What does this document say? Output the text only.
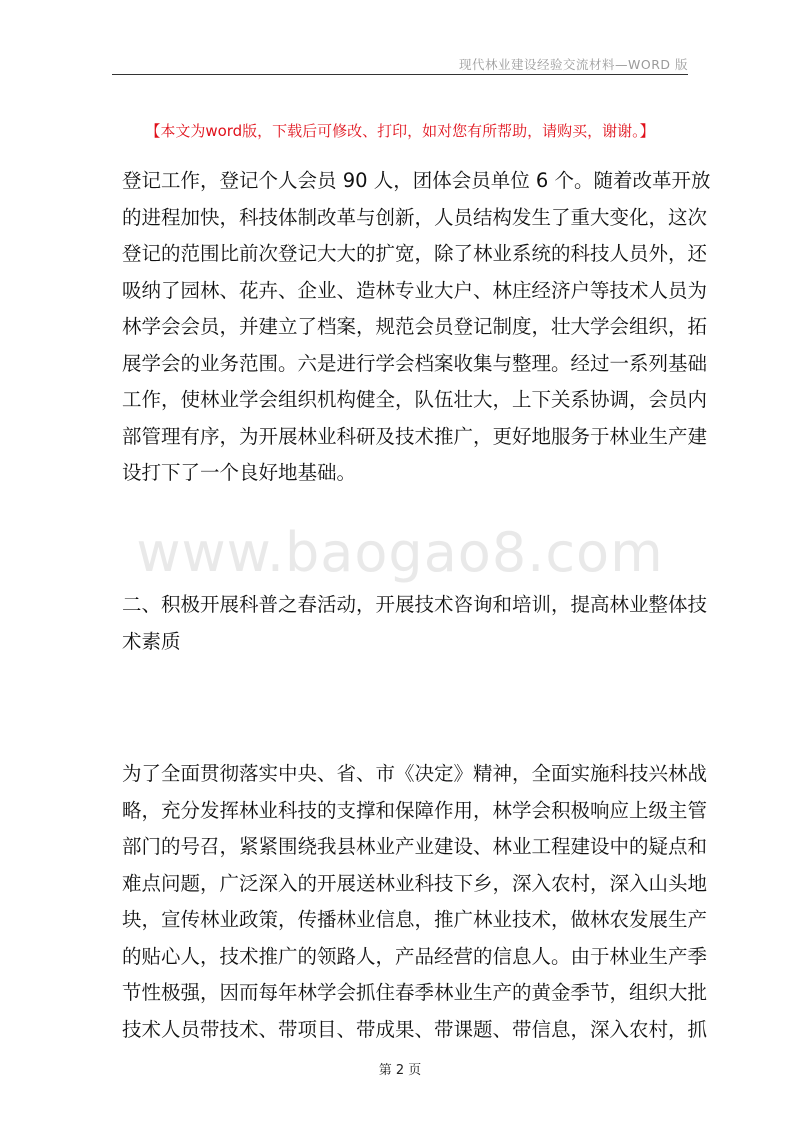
现代林业建设经验交流材料—WORD 版
【本文为word版，下载后可修改、打印，如对您有所帮助，请购买，谢谢。】
登记工作，登记个人会员 90 人，团体会员单位 6 个。随着改革开放
的进程加快，科技体制改革与创新，人员结构发生了重大变化，这次
登记的范围比前次登记大大的扩宽，除了林业系统的科技人员外，还
吸纳了园林、花卉、企业、造林专业大户、林庄经济户等技术人员为
林学会会员，并建立了档案，规范会员登记制度，壮大学会组织，拓
展学会的业务范围。六是进行学会档案收集与整理。经过一系列基础
工作，使林业学会组织机构健全，队伍壮大，上下关系协调，会员内
部管理有序，为开展林业科研及技术推广，更好地服务于林业生产建
设打下了一个良好地基础。
www.baogao8.com
二、积极开展科普之春活动，开展技术咨询和培训，提高林业整体技
术素质
为了全面贯彻落实中央、省、市《决定》精神，全面实施科技兴林战
略，充分发挥林业科技的支撑和保障作用，林学会积极响应上级主管
部门的号召，紧紧围绕我县林业产业建设、林业工程建设中的疑点和
难点问题，广泛深入的开展送林业科技下乡，深入农村，深入山头地
块，宣传林业政策，传播林业信息，推广林业技术，做林农发展生产
的贴心人，技术推广的领路人，产品经营的信息人。由于林业生产季
节性极强，因而每年林学会抓住春季林业生产的黄金季节，组织大批
技术人员带技术、带项目、带成果、带课题、带信息，深入农村，抓
第 2 页
